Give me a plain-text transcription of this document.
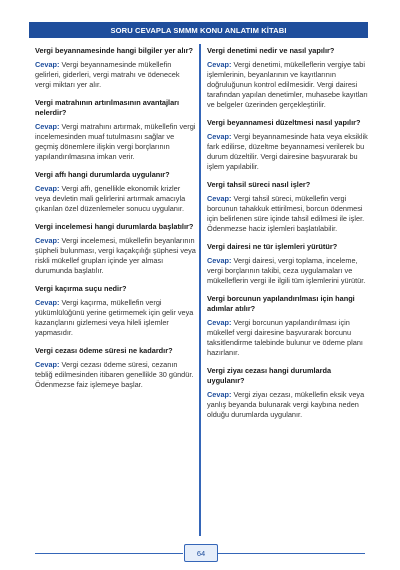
SORU CEVAPLA SMMM KONU ANLATIM KİTABI
Vergi beyannamesinde hangi bilgiler yer alır?
Cevap: Vergi beyannamesinde mükellefin gelirleri, giderleri, vergi matrahı ve ödenecek vergi miktarı yer alır.
Vergi matrahının artırılmasının avantajları nelerdir?
Cevap: Vergi matrahını artırmak, mükellefin vergi incelemesinden muaf tutulmasını sağlar ve geçmiş dönemlere ilişkin vergi borçlarının yapılandırılmasına imkan verir.
Vergi affı hangi durumlarda uygulanır?
Cevap: Vergi affı, genellikle ekonomik krizler veya devletin mali gelirlerini artırmak amacıyla çıkarılan özel düzenlemeler sonucu uygulanır.
Vergi incelemesi hangi durumlarda başlatılır?
Cevap: Vergi incelemesi, mükellefin beyanlarının şüpheli bulunması, vergi kaçakçılığı şüphesi veya riskli mükellef grupları içinde yer alması durumunda başlatılır.
Vergi kaçırma suçu nedir?
Cevap: Vergi kaçırma, mükellefin vergi yükümlülüğünü yerine getirmemek için gelir veya kazançlarını gizlemesi veya hileli işlemler yapmasıdır.
Vergi cezası ödeme süresi ne kadardır?
Cevap: Vergi cezası ödeme süresi, cezanın tebliğ edilmesinden itibaren genellikle 30 gündür. Ödenmezse faiz işlemeye başlar.
Vergi denetimi nedir ve nasıl yapılır?
Cevap: Vergi denetimi, mükelleflerin vergiye tabi işlemlerinin, beyanlarının ve kayıtlarının doğruluğunun kontrol edilmesidir. Vergi dairesi tarafından yapılan denetimler, muhasebe kayıtları ve belgeler üzerinden gerçekleştirilir.
Vergi beyannamesi düzeltmesi nasıl yapılır?
Cevap: Vergi beyannamesinde hata veya eksiklik fark edilirse, düzeltme beyannamesi verilerek bu durum düzeltilir. Vergi dairesine başvurarak bu işlem yapılabilir.
Vergi tahsil süreci nasıl işler?
Cevap: Vergi tahsil süreci, mükellefin vergi borcunun tahakkuk ettirilmesi, borcun ödenmesi için belirlenen süre içinde tahsil edilmesi ile işler. Ödenmezse haciz işlemleri başlatılabilir.
Vergi dairesi ne tür işlemleri yürütür?
Cevap: Vergi dairesi, vergi toplama, inceleme, vergi borçlarının takibi, ceza uygulamaları ve mükelleflerin vergi ile ilgili tüm işlemlerini yürütür.
Vergi borcunun yapılandırılması için hangi adımlar atılır?
Cevap: Vergi borcunun yapılandırılması için mükellef vergi dairesine başvurarak borcunu taksitlendirme talebinde bulunur ve ödeme planı hazırlanır.
Vergi ziyaı cezası hangi durumlarda uygulanır?
Cevap: Vergi ziyaı cezası, mükellefin eksik veya yanlış beyanda bulunarak vergi kaybına neden olduğu durumlarda uygulanır.
64
